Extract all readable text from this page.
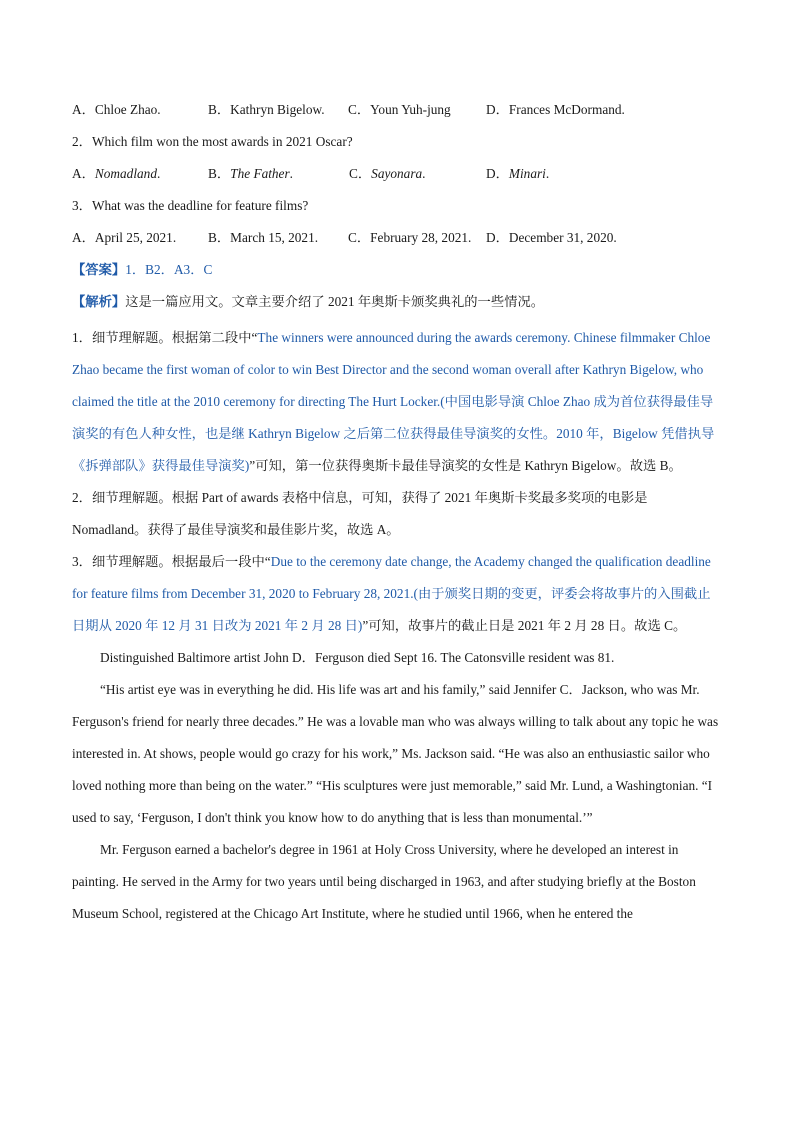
A．Chloe Zhao.	B．Kathryn Bigelow.	C．Youn Yuh-jung	D．Frances McDormand.
2．Which film won the most awards in 2021 Oscar?
A．Nomadland.	B．The Father.	C．Sayonara.	D．Minari.
3．What was the deadline for feature films?
A．April 25, 2021.	B．March 15, 2021.	C．February 28, 2021.	D．December 31, 2020.
【答案】1．B2．A3．C
【解析】这是一篇应用文。文章主要介绍了 2021 年奥斯卡颁奖典礼的一些情况。

1．细节理解题。根据第二段中“The winners were announced during the awards ceremony. Chinese filmmaker Chloe Zhao became the first woman of color to win Best Director and the second woman overall after Kathryn Bigelow, who claimed the title at the 2010 ceremony for directing The Hurt Locker.(中国电影导演 Chloe Zhao 成为首位获得最佳导演奖的有色人种女性，也是继 Kathryn Bigelow 之后第二位获得最佳导演奖的女性。2010 年，Bigelow 凭借执导《拆弹部队》获得最佳导演奖)”可知，第一位获得奥斯卡最佳导演奖的女性是 Kathryn Bigelow。故选 B。

2．细节理解题。根据 Part of awards 表格中信息，可知，获得了 2021 年奥斯卡奖最多奖项的电影是 Nomadland。获得了最佳导演奖和最佳影片奖，故选 A。

3．细节理解题。根据最后一段中“Due to the ceremony date change, the Academy changed the qualification deadline for feature films from December 31, 2020 to February 28, 2021.(由于颁奖日期的变更，评委会将故事片的入围截止日期从 2020 年 12 月 31 日改为 2021 年 2 月 28 日)”可知，故事片的截止日是 2021 年 2 月 28 日。故选 C。

Distinguished Baltimore artist John D．Ferguson died Sept 16. The Catonsville resident was 81.

“His artist eye was in everything he did. His life was art and his family,” said Jennifer C．Jackson, who was Mr. Ferguson's friend for nearly three decades.” He was a lovable man who was always willing to talk about any topic he was interested in. At shows, people would go crazy for his work,” Ms. Jackson said. “He was also an enthusiastic sailor who loved nothing more than being on the water.” “His sculptures were just memorable,” said Mr. Lund, a Washingtonian. “I used to say, ‘Ferguson, I don't think you know how to do anything that is less than monumental.’”

Mr. Ferguson earned a bachelor's degree in 1961 at Holy Cross University, where he developed an interest in painting. He served in the Army for two years until being discharged in 1963, and after studying briefly at the Boston Museum School, registered at the Chicago Art Institute, where he studied until 1966, when he entered the
